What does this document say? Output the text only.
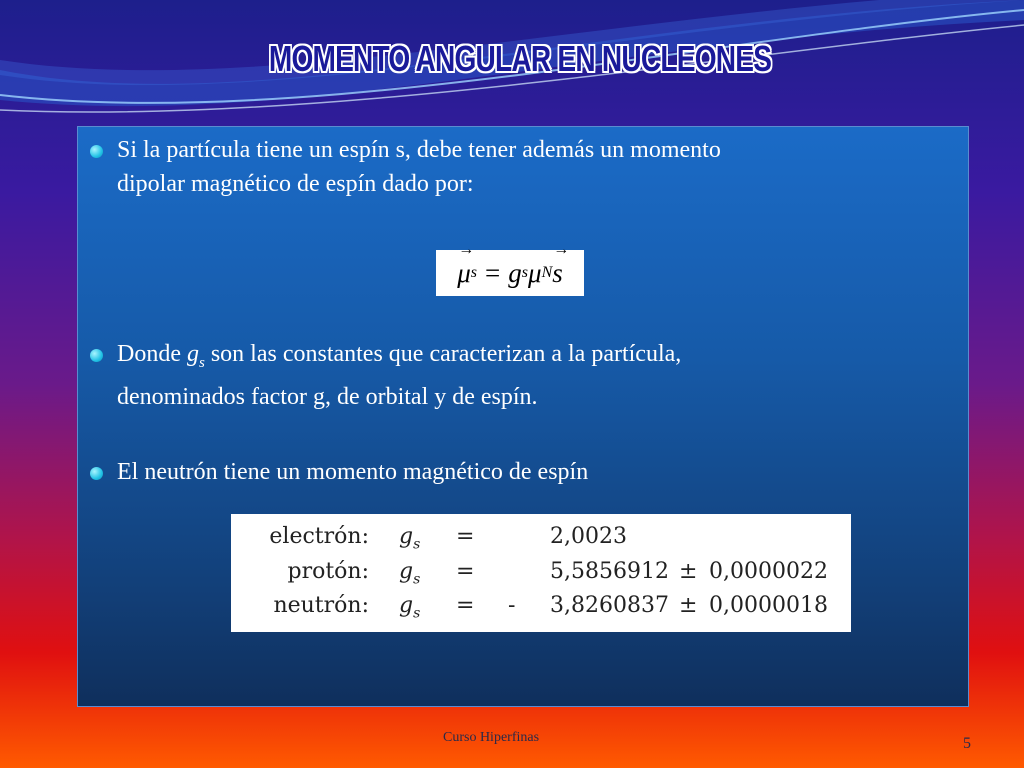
MOMENTO ANGULAR EN NUCLEONES
Si la partícula tiene un espín s, debe tener además un momento
dipolar magnético de espín dado por:
→ μ s = g s μ N
→ s
Donde $g_s$ son las constantes que caracterizan a la partícula,
denominados factor g, de orbital y de espín.
El neutrón tiene un momento magnético de espín
electrón: $g_s$ =	2,0023
protón: $g_s$ =	5,5856912 ± 0,0000022
neutrón: $g_s$ = - 3,8260837 ± 0,0000018
Curso Hiperfinas	5
